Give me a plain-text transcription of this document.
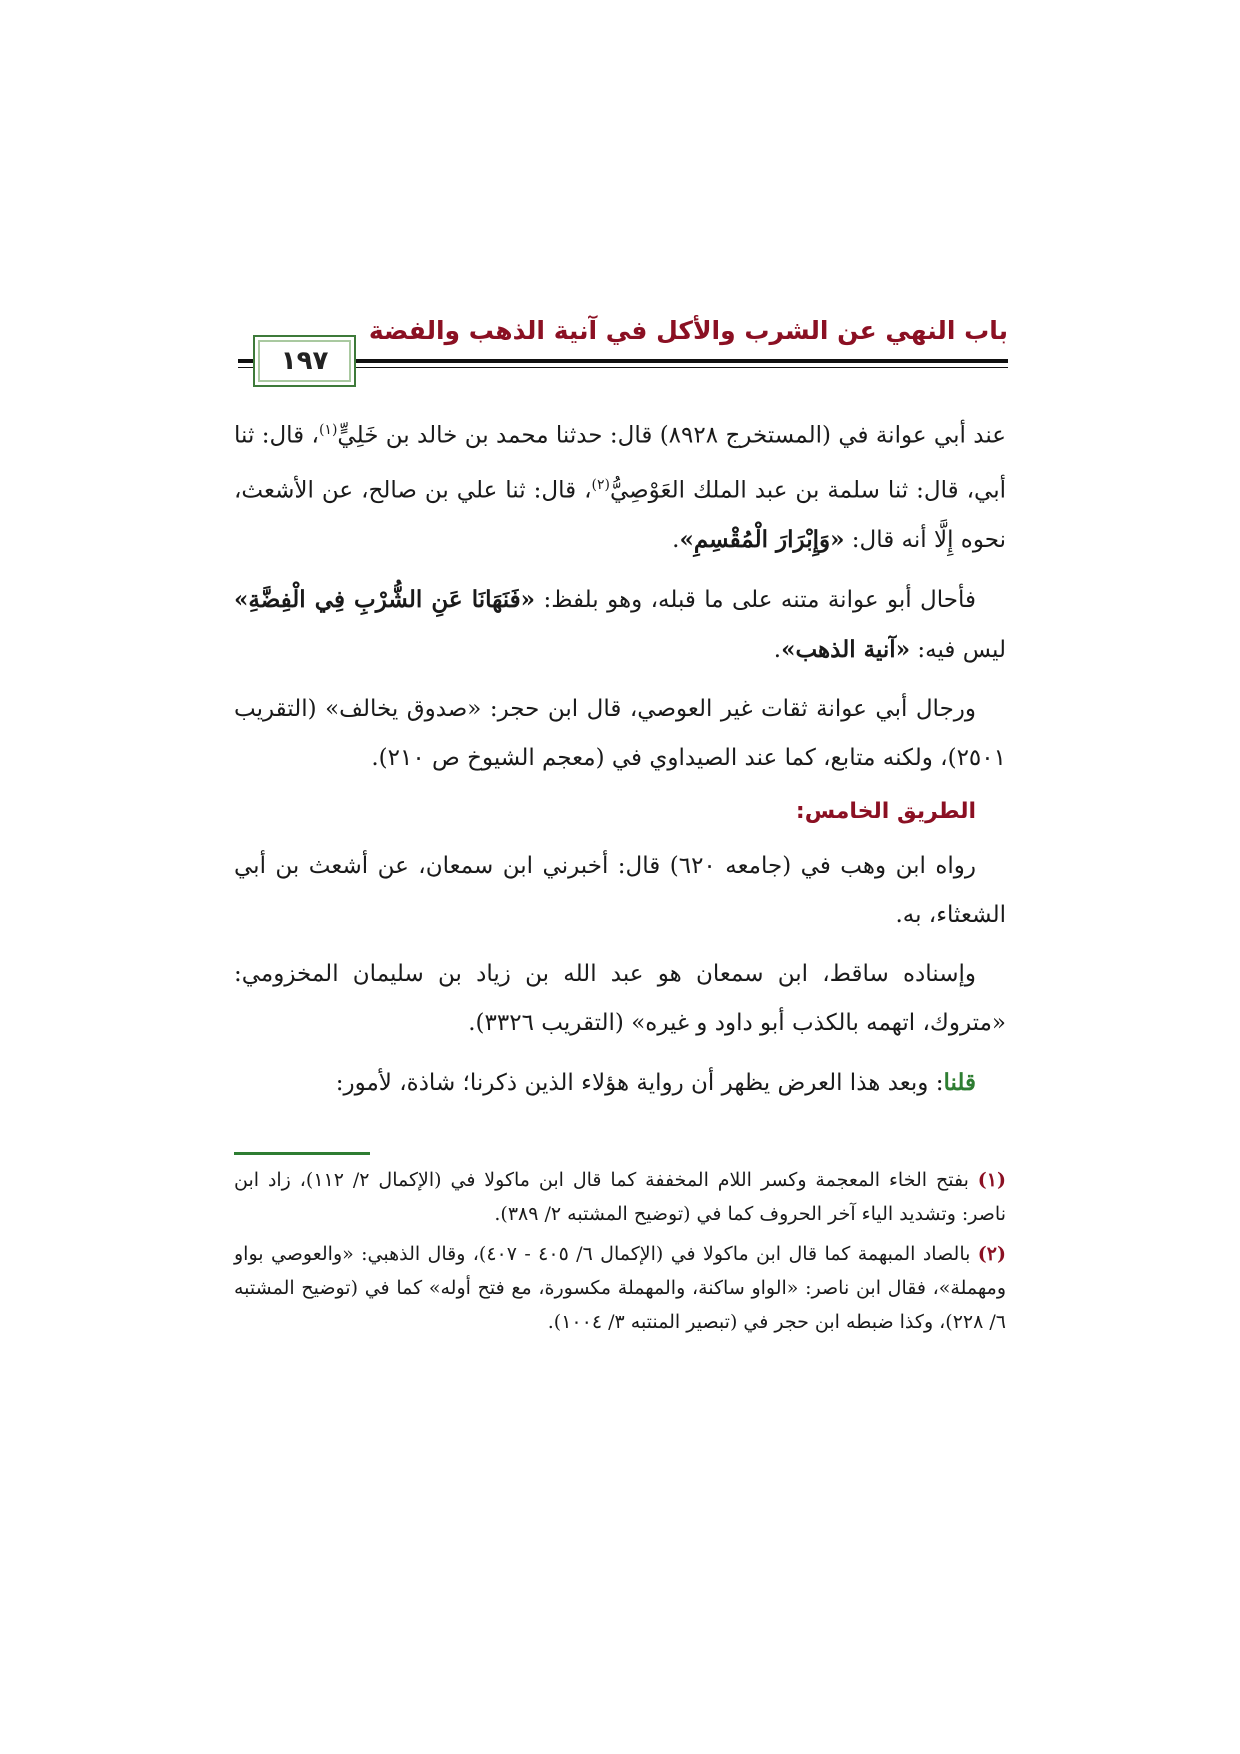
باب النهي عن الشرب والأكل في آنية الذهب والفضة
١٩٧

عند أبي عوانة في (المستخرج ٨٩٢٨) قال: حدثنا محمد بن خالد بن خَلِيٍّ$^{(١)}$، قال: ثنا أبي، قال: ثنا سلمة بن عبد الملك العَوْصِيُّ$^{(٢)}$، قال: ثنا علي بن صالح، عن الأشعث، نحوه إِلَّا أنه قال: «وَإِبْرَارَ الْمُقْسِمِ».

فأحال أبو عوانة متنه على ما قبله، وهو بلفظ: «فَنَهَانَا عَنِ الشُّرْبِ فِي الْفِضَّةِ» ليس فيه: «آنية الذهب».

ورجال أبي عوانة ثقات غير العوصي، قال ابن حجر: «صدوق يخالف» (التقريب ٢٥٠١)، ولكنه متابع، كما عند الصيداوي في (معجم الشيوخ ص ٢١٠).

الطريق الخامس:

رواه ابن وهب في (جامعه ٦٢٠) قال: أخبرني ابن سمعان، عن أشعث بن أبي الشعثاء، به.

وإسناده ساقط، ابن سمعان هو عبد الله بن زياد بن سليمان المخزومي: «متروك، اتهمه بالكذب أبو داود و غيره» (التقريب ٣٣٢٦).

قلنا: وبعد هذا العرض يظهر أن رواية هؤلاء الذين ذكرنا؛ شاذة، لأمور:

(١) بفتح الخاء المعجمة وكسر اللام المخففة كما قال ابن ماكولا في (الإكمال ٢/ ١١٢)، زاد ابن ناصر: وتشديد الياء آخر الحروف كما في (توضيح المشتبه ٢/ ٣٨٩).

(٢) بالصاد المبهمة كما قال ابن ماكولا في (الإكمال ٦/ ٤٠٥ - ٤٠٧)، وقال الذهبي: «والعوصي بواو ومهملة»، فقال ابن ناصر: «الواو ساكنة، والمهملة مكسورة، مع فتح أوله» كما في (توضيح المشتبه ٦/ ٢٢٨)، وكذا ضبطه ابن حجر في (تبصير المنتبه ٣/ ١٠٠٤).
